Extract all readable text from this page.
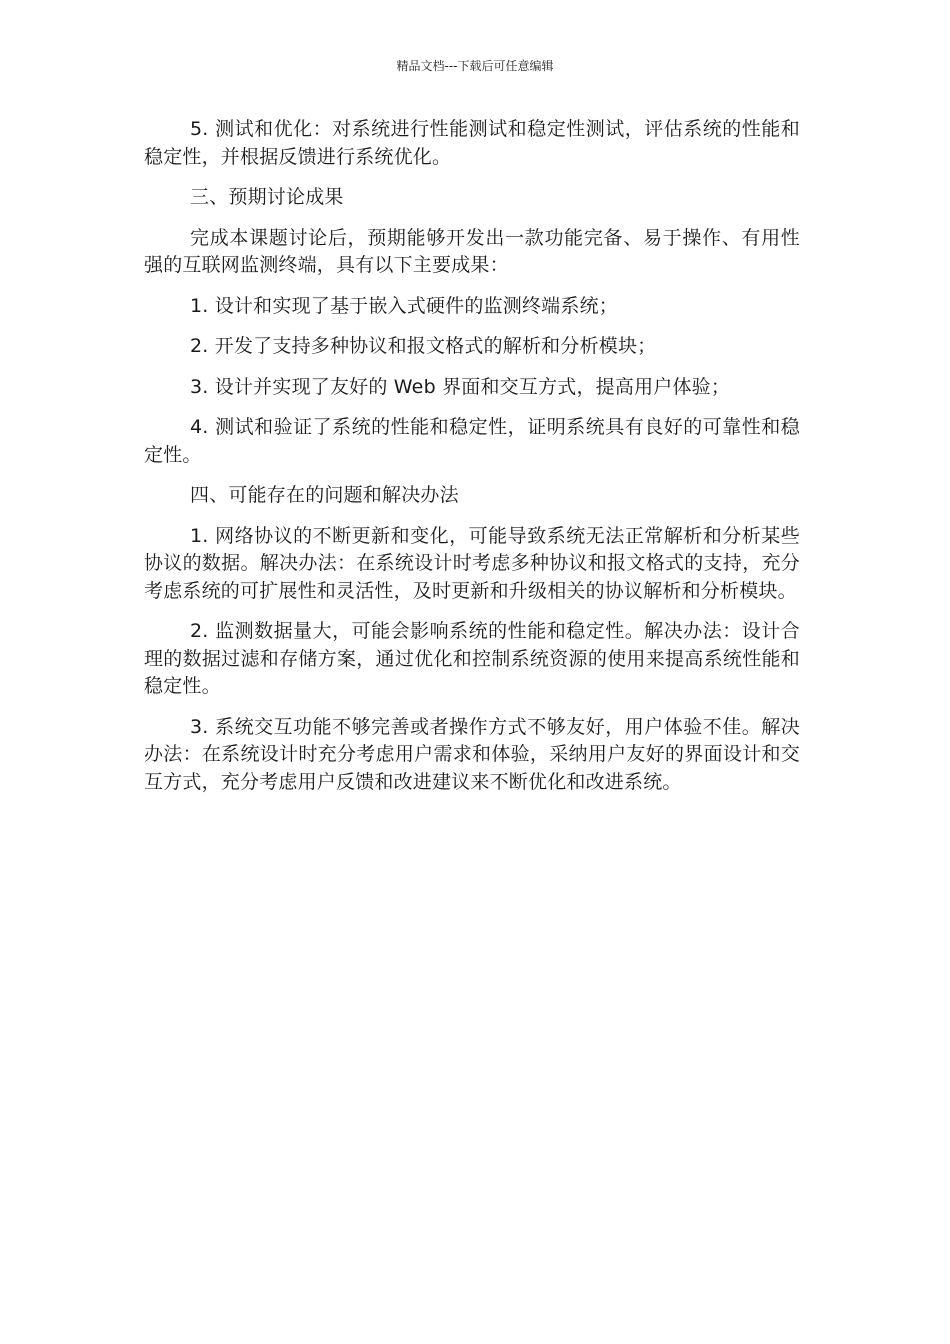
精品文档---下载后可任意编辑

5. 测试和优化：对系统进行性能测试和稳定性测试，评估系统的性能和稳定性，并根据反馈进行系统优化。

三、预期讨论成果

完成本课题讨论后，预期能够开发出一款功能完备、易于操作、有用性强的互联网监测终端，具有以下主要成果：

1. 设计和实现了基于嵌入式硬件的监测终端系统；

2. 开发了支持多种协议和报文格式的解析和分析模块；

3. 设计并实现了友好的 Web 界面和交互方式，提高用户体验；

4. 测试和验证了系统的性能和稳定性，证明系统具有良好的可靠性和稳定性。

四、可能存在的问题和解决办法

1. 网络协议的不断更新和变化，可能导致系统无法正常解析和分析某些协议的数据。解决办法：在系统设计时考虑多种协议和报文格式的支持，充分考虑系统的可扩展性和灵活性，及时更新和升级相关的协议解析和分析模块。

2. 监测数据量大，可能会影响系统的性能和稳定性。解决办法：设计合理的数据过滤和存储方案，通过优化和控制系统资源的使用来提高系统性能和稳定性。

3. 系统交互功能不够完善或者操作方式不够友好，用户体验不佳。解决办法：在系统设计时充分考虑用户需求和体验，采纳用户友好的界面设计和交互方式，充分考虑用户反馈和改进建议来不断优化和改进系统。
